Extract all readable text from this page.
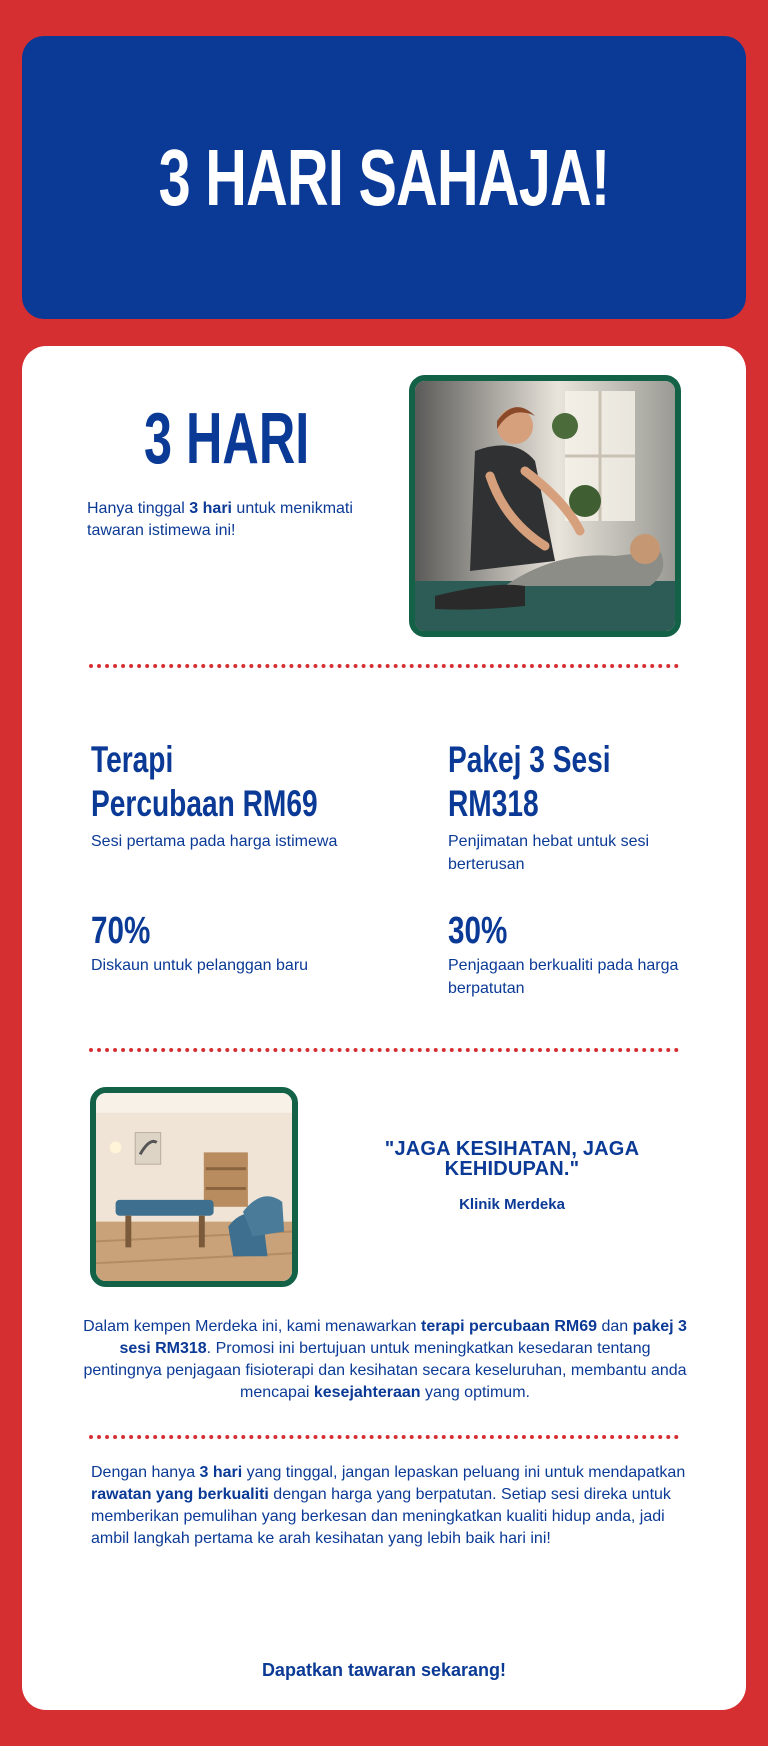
3 HARI SAHAJA!
3 HARI

Hanya tinggal 3 hari untuk menikmati tawaran istimewa ini!

Terapi
Percubaan RM69

Sesi pertama pada harga istimewa

Pakej 3 Sesi
RM318

Penjimatan hebat untuk sesi berterusan

70%

Diskaun untuk pelanggan baru

30%

Penjagaan berkualiti pada harga berpatutan

"JAGA KESIHATAN, JAGA KEHIDUPAN."

Klinik Merdeka

Dalam kempen Merdeka ini, kami menawarkan terapi percubaan RM69 dan pakej 3 sesi RM318. Promosi ini bertujuan untuk meningkatkan kesedaran tentang pentingnya penjagaan fisioterapi dan kesihatan secara keseluruhan, membantu anda mencapai kesejahteraan yang optimum.

Dengan hanya 3 hari yang tinggal, jangan lepaskan peluang ini untuk mendapatkan rawatan yang berkualiti dengan harga yang berpatutan. Setiap sesi direka untuk memberikan pemulihan yang berkesan dan meningkatkan kualiti hidup anda, jadi ambil langkah pertama ke arah kesihatan yang lebih baik hari ini!

Dapatkan tawaran sekarang!
